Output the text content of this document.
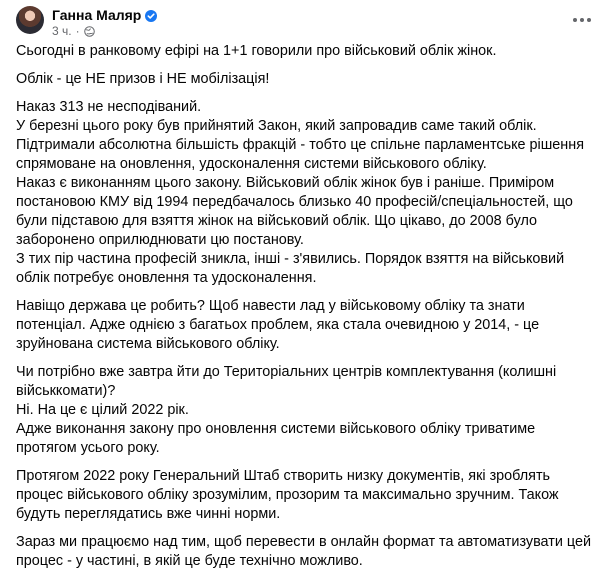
Ганна Маляр
3 ч. ·

Сьогодні в ранковому ефірі на 1+1 говорили про військовий облік жінок.

Облік - це НЕ призов і НЕ мобілізація!

Наказ 313 не несподіваний.
У березні цього року був прийнятий Закон, який запровадив саме такий облік. Підтримали абсолютна більшість фракцій - тобто це спільне парламентське рішення спрямоване на оновлення, удосконалення системи військового обліку.
Наказ є виконанням цього закону. Військовий облік жінок був і раніше. Приміром постановою КМУ від 1994 передбачалось близько 40 професій/спеціальностей, що були підставою для взяття жінок на військовий облік. Що цікаво, до 2008 було заборонено оприлюднювати цю постанову.
З тих пір частина професій зникла, інші - з'явились. Порядок взяття на військовий облік потребує оновлення та удосконалення.

Навіщо держава це робить? Щоб навести лад у військовому обліку та знати потенціал. Адже однією з багатьох проблем, яка стала очевидною у 2014, - це зруйнована система військового обліку.

Чи потрібно вже завтра йти до Територіальних центрів комплектування (колишні військкомати)?
Ні. На це є цілий 2022 рік.
Адже виконання закону про оновлення системи військового обліку триватиме протягом усього року.

Протягом 2022 року Генеральний Штаб створить низку документів, які зроблять процес військового обліку зрозумілим, прозорим та максимально зручним. Також будуть переглядатись вже чинні норми.

Зараз ми працюємо над тим, щоб перевести в онлайн формат та автоматизувати цей процес - у частині, в якій це буде технічно можливо.
